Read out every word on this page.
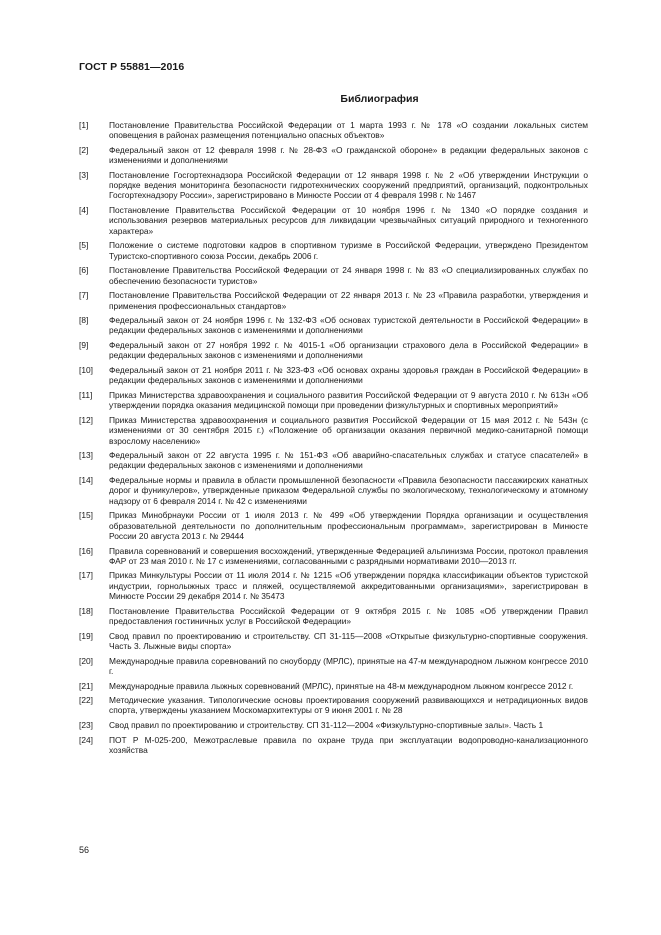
ГОСТ Р 55881—2016
Библиография
[1]	Постановление Правительства Российской Федерации от 1 марта 1993 г. № 178 «О создании локальных систем оповещения в районах размещения потенциально опасных объектов»
[2]	Федеральный закон от 12 февраля 1998 г. № 28-ФЗ «О гражданской обороне» в редакции федеральных законов с изменениями и дополнениями
[3]	Постановление Госгортехнадзора Российской Федерации от 12 января 1998 г. № 2 «Об утверждении Инструкции о порядке ведения мониторинга безопасности гидротехнических сооружений предприятий, организаций, подконтрольных Госгортехнадзору России», зарегистрировано в Минюсте России от 4 февраля 1998 г. № 1467
[4]	Постановление Правительства Российской Федерации от 10 ноября 1996 г. № 1340 «О порядке создания и использования резервов материальных ресурсов для ликвидации чрезвычайных ситуаций природного и техногенного характера»
[5]	Положение о системе подготовки кадров в спортивном туризме в Российской Федерации, утверждено Президентом Туристско-спортивного союза России, декабрь 2006 г.
[6]	Постановление Правительства Российской Федерации от 24 января 1998 г. № 83 «О специализированных службах по обеспечению безопасности туристов»
[7]	Постановление Правительства Российской Федерации от 22 января 2013 г. № 23 «Правила разработки, утверждения и применения профессиональных стандартов»
[8]	Федеральный закон от 24 ноября 1996 г. № 132-ФЗ «Об основах туристской деятельности в Российской Федерации» в редакции федеральных законов с изменениями и дополнениями
[9]	Федеральный закон от 27 ноября 1992 г. № 4015-1 «Об организации страхового дела в Российской Федерации» в редакции федеральных законов с изменениями и дополнениями
[10]	Федеральный закон от 21 ноября 2011 г. № 323-ФЗ «Об основах охраны здоровья граждан в Российской Федерации» в редакции федеральных законов с изменениями и дополнениями
[11]	Приказ Министерства здравоохранения и социального развития Российской Федерации от 9 августа 2010 г. № 613н «Об утверждении порядка оказания медицинской помощи при проведении физкультурных и спортивных мероприятий»
[12]	Приказ Министерства здравоохранения и социального развития Российской Федерации от 15 мая 2012 г. № 543н (с изменениями от 30 сентября 2015 г.) «Положение об организации оказания первичной медико-санитарной помощи взрослому населению»
[13]	Федеральный закон от 22 августа 1995 г. № 151-ФЗ «Об аварийно-спасательных службах и статусе спасателей» в редакции федеральных законов с изменениями и дополнениями
[14]	Федеральные нормы и правила в области промышленной безопасности «Правила безопасности пассажирских канатных дорог и фуникулеров», утвержденные приказом Федеральной службы по экологическому, технологическому и атомному надзору от 6 февраля 2014 г. № 42 с изменениями
[15]	Приказ Минобрнауки России от 1 июля 2013 г. № 499 «Об утверждении Порядка организации и осуществления образовательной деятельности по дополнительным профессиональным программам», зарегистрирован в Минюсте России 20 августа 2013 г. № 29444
[16]	Правила соревнований и совершения восхождений, утвержденные Федерацией альпинизма России, протокол правления ФАР от 23 мая 2010 г. № 17 с изменениями, согласованными с разрядными нормативами 2010—2013 гг.
[17]	Приказ Минкультуры России от 11 июля 2014 г. № 1215 «Об утверждении порядка классификации объектов туристской индустрии, горнолыжных трасс и пляжей, осуществляемой аккредитованными организациями», зарегистрирован в Минюсте России 29 декабря 2014 г. № 35473
[18]	Постановление Правительства Российской Федерации от 9 октября 2015 г. № 1085 «Об утверждении Правил предоставления гостиничных услуг в Российской Федерации»
[19]	Свод правил по проектированию и строительству. СП 31-115—2008 «Открытые физкультурно-спортивные сооружения. Часть 3. Лыжные виды спорта»
[20]	Международные правила соревнований по сноуборду (МРЛС), принятые на 47-м международном лыжном конгрессе 2010 г.
[21]	Международные правила лыжных соревнований (МРЛС), принятые на 48-м международном лыжном конгрессе 2012 г.
[22]	Методические указания. Типологические основы проектирования сооружений развивающихся и нетрадиционных видов спорта, утверждены указанием Москомархитектуры от 9 июня 2001 г. № 28
[23]	Свод правил по проектированию и строительству. СП 31-112—2004 «Физкультурно-спортивные залы». Часть 1
[24]	ПОТ Р М-025-200, Межотраслевые правила по охране труда при эксплуатации водопроводно-канализационного хозяйства
56
